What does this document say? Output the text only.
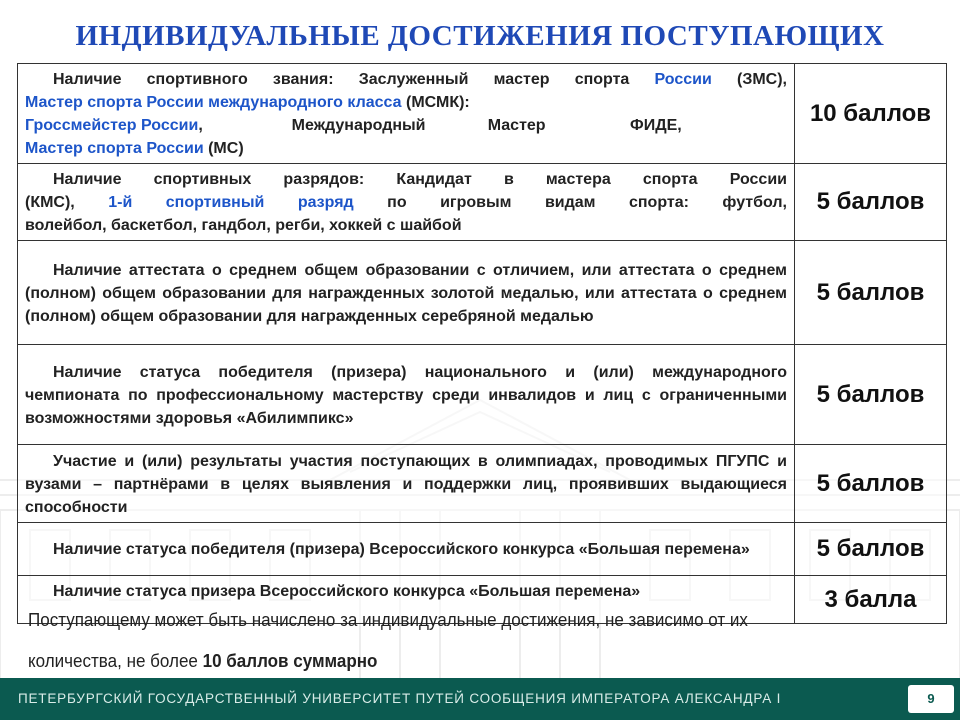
ИНДИВИДУАЛЬНЫЕ ДОСТИЖЕНИЯ ПОСТУПАЮЩИХ
Наличие спортивного звания: Заслуженный мастер спорта России (ЗМС),
Мастер спорта России международного класса (МСМК):
Гроссмейстер России,                    Международный              Мастер                   ФИДЕ,
Мастер спорта России (МС)	10 баллов

Наличие спортивных разрядов: Кандидат в мастера спорта России
(КМС), 1-й спортивный разряд по игровым видам спорта: футбол,
волейбол, баскетбол, гандбол, регби, хоккей с шайбой	5 баллов

Наличие аттестата о среднем общем образовании с отличием, или аттестата о среднем (полном) общем образовании для награжденных золотой медалью, или аттестата о среднем (полном) общем образовании для награжденных серебряной медалью	5 баллов

Наличие статуса победителя (призера) национального и (или) международного чемпионата по профессиональному мастерству среди инвалидов и лиц с ограниченными возможностями здоровья «Абилимпикс»	5 баллов

Участие и (или) результаты участия поступающих в олимпиадах, проводимых ПГУПС и вузами – партнёрами в целях выявления и поддержки лиц, проявивших выдающиеся способности	5 баллов

Наличие статуса победителя (призера) Всероссийского конкурса «Большая перемена»	5 баллов

Наличие статуса призера Всероссийского конкурса «Большая перемена»	3 балла
Поступающему может быть начислено за индивидуальные достижения, не зависимо от их
количества, не более 10 баллов суммарно
ПЕТЕРБУРГСКИЙ ГОСУДАРСТВЕННЫЙ УНИВЕРСИТЕТ ПУТЕЙ СООБЩЕНИЯ ИМПЕРАТОРА АЛЕКСАНДРА I	9
